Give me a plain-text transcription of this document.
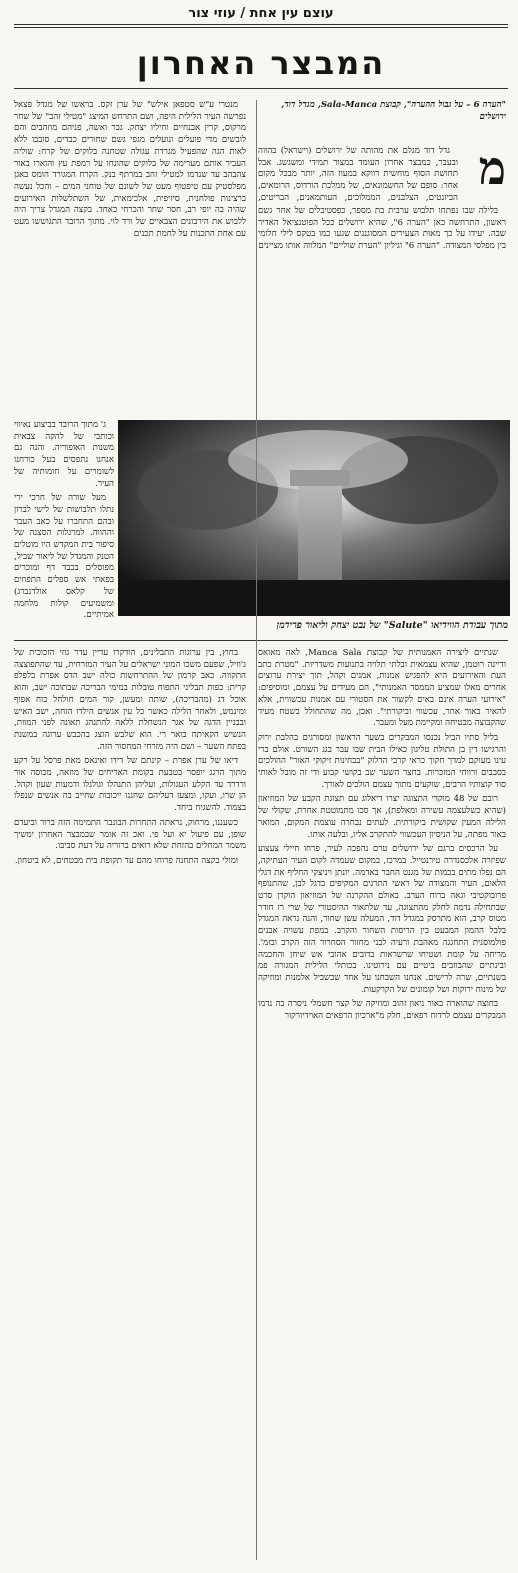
עוצם עין אחת / עוזי צור
המבצר האחרון
"הערה 6 – על גבול ההערה", קבוצת Sala-Manca, מגדל דוד, ירושלים
מ

גדל דוד מגלם את מהותה של ירושלים (וישראל) בהווה ובעבר, כמבצר אחרון העומד במצור תמידי ומשגשג. אבל תחושת הסוף מוחשית דווקא במעוז הזה, יותר מבכל מקום אחר: סופם של החשמונאים, של ממלכת הורדוס, הרומאים, הביזנטים, הצלבנים, הממלוכים, העותמאנים, הבריטים,

בלילה שבו נפתחו תלבוש ערבית בת מספר, כפסטיבלים של אחר גשם ראשון, התרחשה כאן "הערה 6", שהיא ירושלים ככל הפוטנציאל האדיר שבה. יעידו על כך מאות הצעירים המסוגננים שגעו כמו בטקס לילי חלומי בין מפלסי המצודה. "הערה 6" וגיליון "הערת שוליים" המלווה אותו מציינים

מנטרי ע"ש סטפאן אילש" של ערן זקס. בראשו של מגדל פצאל נפרשה העיר הלילית היפה, ושם התרחש המיצג "מטילי זהב" של שחר מרקוס, קרין אבנחיים וחיליו יצחק. גבר ואשה, פניהם מוזהבים והם לובשים מדי פועלים ונועלים מגפי גשם שחורים כבדים, סובבו ללא לאות הגה שהפעיל מגרדת עגולה שטחנה בלוקים של קרח: שוליה העביר אותם מערימה של בלוקים שהונחו על רמפת עץ והוארו באור צהבהב עד שנדמו למטילי זהב במרתף בנק. הקרח המגורד הומס באגן מפלסטיק עם טיפטוף מעט של לשונם של טוחני המים – והכל נעשה ברצינות פולחנית, סיזיפית, אלכימאית, של השתלשלות האירועים שהיה בה יופי רב, חסר שחר והכרחי כאחד. בקצה המגדל צריך היה ללבוש את הירבונים הצבאיים של ורד לוי. מתוך הרובד התגוששו מעט עם אחת התכנות על לחמת תכנים

ג' מתוך הרובד בביצוע נאיווי וכותבי של להקה צבאית משנות האופוריה. והנה גם אנחנו נתפסים בעל כורחנו לשומרים על חומותיה של העיר.

מעל שורה של חרכי ירי נתלו תלבושות של לישי לברון ובהם התחברו על כאב העבר וההווה. למרגלות הסצנה של סיפור בית המקדש היו מוטלים הטנק והמגדל של ליאור שביל, מפוסלים בכבד דף ומוכרים בפאתי אש ספלים התפוזים של קלאס אולדנברג) ומשמיעים קולות מלחמה אמיתיים.

מתוך עבודת הווידיאו "Salute" של נבט יצחק וליאור פרידמן

שנתיים ליצירה האמנותית של קבוצת Manca Sala, לאה מאואס ודיינה רוטמן, שהיא עצמאית ובלתי תלויה בתנועות משדריות. "מטרת כתב העת והאירועים היא להפגיש אמנות, אמנים וקהל, תוך יצירת ערוצים אחרים מאלו שמציע הממסד האמנותי", הם מעידים על עצמם, ומוסיפים: "אירועי הערה אינם באים לקשור את הסטורי עם אמנות עכשווית, אלא להאיר באור אחר, עכשווי וביקורתי". ואכן, מה שהתחולל בשטח מעיד שהקבוצה מבטיחה ומקיימת מעל ומעבר.

בליל סתיו הביל נכנסו המבקרים בשער הראשון ומסורגים בהלבת ירוק והרגישו דין בן התולת טליגון כאילו הבית שבו עבר בגג השורט. אולם ברי עינו מעוקם למדך חקוך כראי קרבי הדלוק "בבחינות זיקוקי האור" ההולכים בסבבים ורווחי המזכרות. בחצר השער שב בקושי קבוע ודי זה מובל לאותי סוד קוצותיו הרבים, שוקעים מתוך עצמם הולכים לאורך.

רובם של 48 מוקדי התצוגה יצרו דיאלוג עם תצוגת הקבע של המוזיאון (שהיא כשלעצמה עשירה ומאלפת), אך סכו מתמוטטת אחרת, שקולי של הלילה המעין שקושית ביקורתית. לעתים נבחרה עוצמת המקום, המואר באור מפתה, על הניסיון העכשווי להתקרב אליו, ובלעה אותו.

על הרכסים ברגם של ירושלים טרם נהפכה לעיר, פרחו חיילי צעצוע שפיזרה אלכסנדרה טירנטייל. במרכז, במקום שעמדה לקום העיר העתיקה, הם נפלו מתים בכמות של מגנט החבר באדמה. יונתן ויניצקי החליף את דגלי הלאום, העיר והמצודה של ראשי התרנים המקיפים בדגל לבן, שהתנופף פרובוקטיבי וגאה ברוח הערב. באולם ההקרנה של המוזיאון הוקרן סרט שבתחילה נדמה לחלק מהתצוגה, עד שלתאור ההיסטורי של שרי רז חודר מטוס קרב, הוא מתרסק במגדל דוד, המעלה עשן שחור, והנה נראה המגדל בלבל ההמון המבעט בין הריסות השחור והקרב. במפת עשויה אבנים פולמוסנית התחגגה מאהבת ורעיה לבני מחזור הסחרור הזה הקרב ובזמ'. מריחה על קומת ושטיחו שרשראות בדובים אהובי אש שיחן והחכמה ובינתיים שהבוזבים ביטיים עם נירוטינו. בכותלי הלילית המגורה פמ בשנתיים, שרה לרישים. אנחנו השבחנו על אחד שבשביל אלמנות ומוזיקה של מינוח ירוקות ושל קומונים של הקרקעות.

בחוצה שהוארה באור ניאון זהוב ומוזיקה של קצר חשמלי ניסרה בה נדמו המבקרים עצמם לרדוח רפאים, חלק מ"ארכיון הרפאים האוידיורקור

בחוץ, בין ערוגות התבלינים, הודקרו עדיין עדר גוזי הזכוכית של ג'וזיל, שפעם משכו המוני ישראלים על העיר המזרחית, עד שהתפוצצה התקווה. כאב קרמון של ההתרחשות כולה ישב הדס אפרת בלפלפ קרית: כפות תבליני התפוח טובלות במימי הבריכה שבתוכה ישב, והוא אוכל דג (מהבריכה), שותה ומעשן, קור המים חולחל כוח אפוף ומינמש, ולאחר הלילה כאשר כל עין אנשים הילדו הזחה, ישב האיש ובבניין הדגה של אגר הנשחלת ללאה להתנהג תאונה לפני המוות, הנשיש הקאיתח בואר רי. הוא שלבש הוצג בהכבש ערוגה במשנת בפתח השער – ושם היה מזרחי המחסור הזה.

דיאו של ערן אפרת – קינתם של דידו ואינאס מאת פרסל על רקע מתוך הרגג יופסר בטבעת בקומת האריחים של מוזאה, מכוסה אור ורדרד עד הקלע העגולות, ועליהן התנהלו וגולגלו ודמעות שעון וקהל. הן שרו, ועקו, ומצעו דעליהם שחגנו ייכובות שחייב בה אנשים שנפלו בצמוד. להשגיח ביחד.

כשעננו, מרחוק, נראתה התחרות הבונבר התמימה הזה ברור וביעדם שופן, עם פיעול יא ועל פי. ואכ זה אומר שבמבצר האחרון ימשיך משמר המחלים בהזחת שלא רואים ברוריה על דעת סביבו.

ומולי בקצה התחנה פרוחו מהם עד תקופת בית מבטחים, לא ביטחון.
